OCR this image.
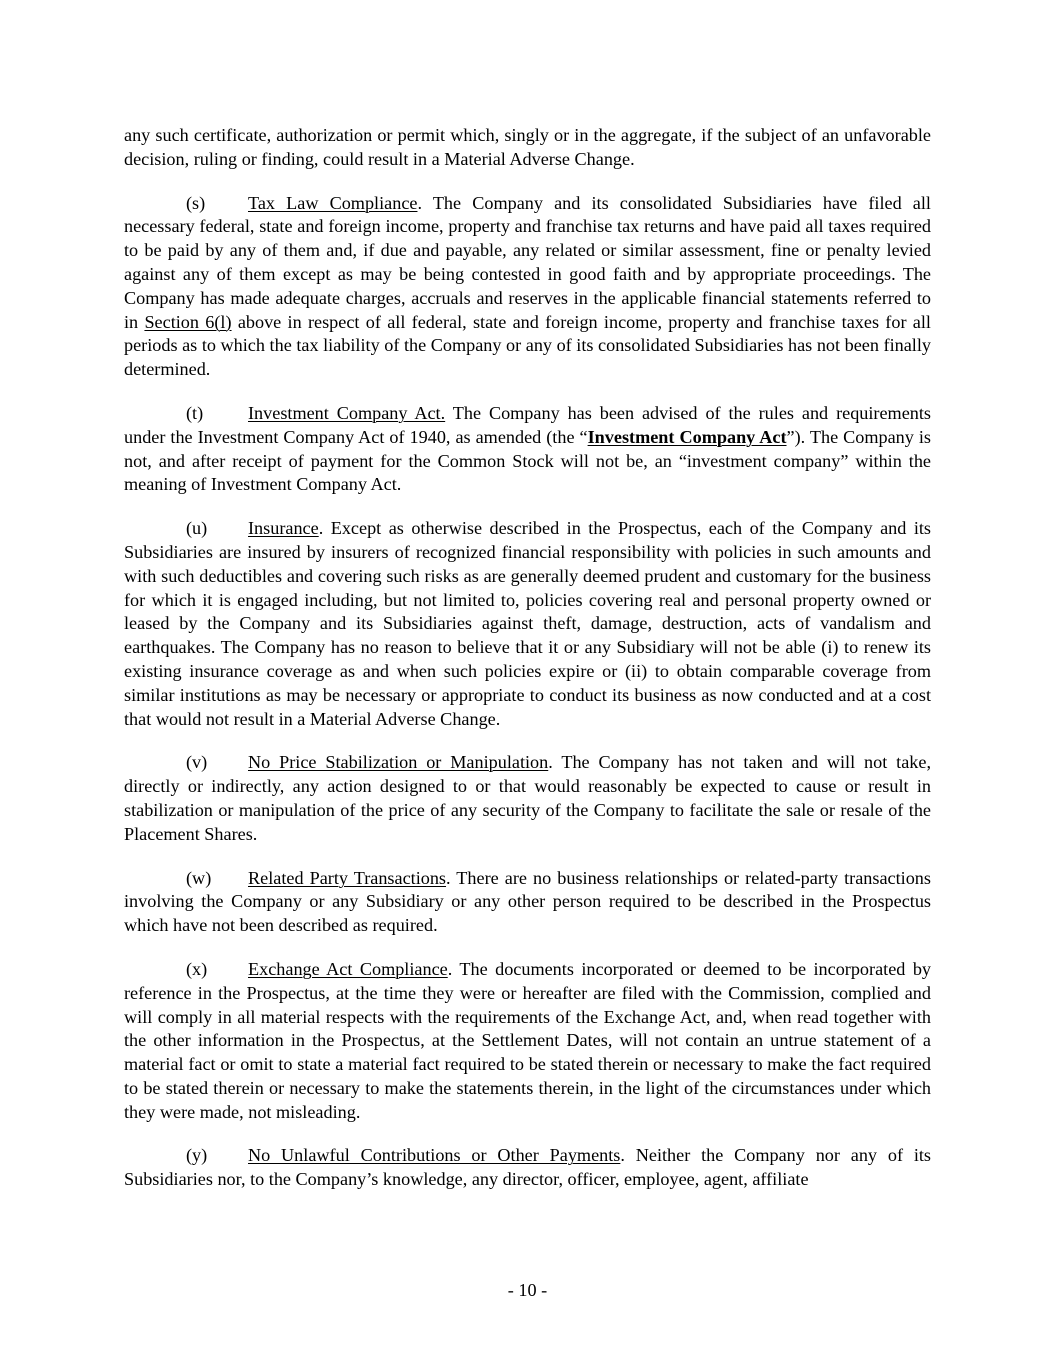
any such certificate, authorization or permit which, singly or in the aggregate, if the subject of an unfavorable decision, ruling or finding, could result in a Material Adverse Change.

(s) Tax Law Compliance. The Company and its consolidated Subsidiaries have filed all necessary federal, state and foreign income, property and franchise tax returns and have paid all taxes required to be paid by any of them and, if due and payable, any related or similar assessment, fine or penalty levied against any of them except as may be being contested in good faith and by appropriate proceedings. The Company has made adequate charges, accruals and reserves in the applicable financial statements referred to in Section 6(l) above in respect of all federal, state and foreign income, property and franchise taxes for all periods as to which the tax liability of the Company or any of its consolidated Subsidiaries has not been finally determined.

(t) Investment Company Act. The Company has been advised of the rules and requirements under the Investment Company Act of 1940, as amended (the “Investment Company Act”). The Company is not, and after receipt of payment for the Common Stock will not be, an “investment company” within the meaning of Investment Company Act.

(u) Insurance. Except as otherwise described in the Prospectus, each of the Company and its Subsidiaries are insured by insurers of recognized financial responsibility with policies in such amounts and with such deductibles and covering such risks as are generally deemed prudent and customary for the business for which it is engaged including, but not limited to, policies covering real and personal property owned or leased by the Company and its Subsidiaries against theft, damage, destruction, acts of vandalism and earthquakes. The Company has no reason to believe that it or any Subsidiary will not be able (i) to renew its existing insurance coverage as and when such policies expire or (ii) to obtain comparable coverage from similar institutions as may be necessary or appropriate to conduct its business as now conducted and at a cost that would not result in a Material Adverse Change.

(v) No Price Stabilization or Manipulation. The Company has not taken and will not take, directly or indirectly, any action designed to or that would reasonably be expected to cause or result in stabilization or manipulation of the price of any security of the Company to facilitate the sale or resale of the Placement Shares.

(w) Related Party Transactions. There are no business relationships or related-party transactions involving the Company or any Subsidiary or any other person required to be described in the Prospectus which have not been described as required.

(x) Exchange Act Compliance. The documents incorporated or deemed to be incorporated by reference in the Prospectus, at the time they were or hereafter are filed with the Commission, complied and will comply in all material respects with the requirements of the Exchange Act, and, when read together with the other information in the Prospectus, at the Settlement Dates, will not contain an untrue statement of a material fact or omit to state a material fact required to be stated therein or necessary to make the fact required to be stated therein or necessary to make the statements therein, in the light of the circumstances under which they were made, not misleading.

(y) No Unlawful Contributions or Other Payments. Neither the Company nor any of its Subsidiaries nor, to the Company’s knowledge, any director, officer, employee, agent, affiliate

- 10 -
